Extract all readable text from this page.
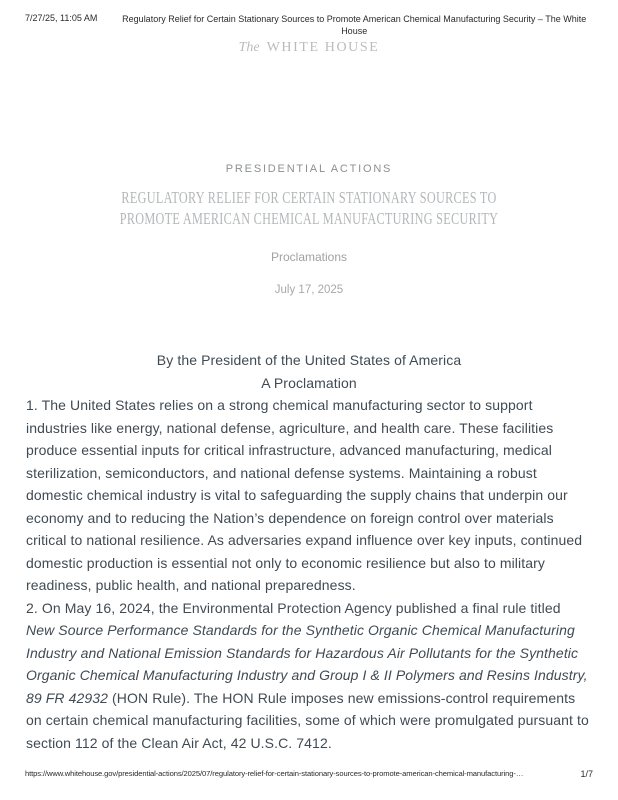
7/27/25, 11:05 AM	Regulatory Relief for Certain Stationary Sources to Promote American Chemical Manufacturing Security – The White House
The WHITE HOUSE
PRESIDENTIAL ACTIONS
REGULATORY RELIEF FOR CERTAIN STATIONARY SOURCES TO PROMOTE AMERICAN CHEMICAL MANUFACTURING SECURITY
Proclamations
July 17, 2025

By the President of the United States of America

A Proclamation

1. The United States relies on a strong chemical manufacturing sector to support industries like energy, national defense, agriculture, and health care. These facilities produce essential inputs for critical infrastructure, advanced manufacturing, medical sterilization, semiconductors, and national defense systems. Maintaining a robust domestic chemical industry is vital to safeguarding the supply chains that underpin our economy and to reducing the Nation’s dependence on foreign control over materials critical to national resilience. As adversaries expand influence over key inputs, continued domestic production is essential not only to economic resilience but also to military readiness, public health, and national preparedness.

2. On May 16, 2024, the Environmental Protection Agency published a final rule titled New Source Performance Standards for the Synthetic Organic Chemical Manufacturing Industry and National Emission Standards for Hazardous Air Pollutants for the Synthetic Organic Chemical Manufacturing Industry and Group I & II Polymers and Resins Industry, 89 FR 42932 (HON Rule). The HON Rule imposes new emissions-control requirements on certain chemical manufacturing facilities, some of which were promulgated pursuant to section 112 of the Clean Air Act, 42 U.S.C. 7412.

https://www.whitehouse.gov/presidential-actions/2025/07/regulatory-relief-for-certain-stationary-sources-to-promote-american-chemical-manufacturing-…	1/7
